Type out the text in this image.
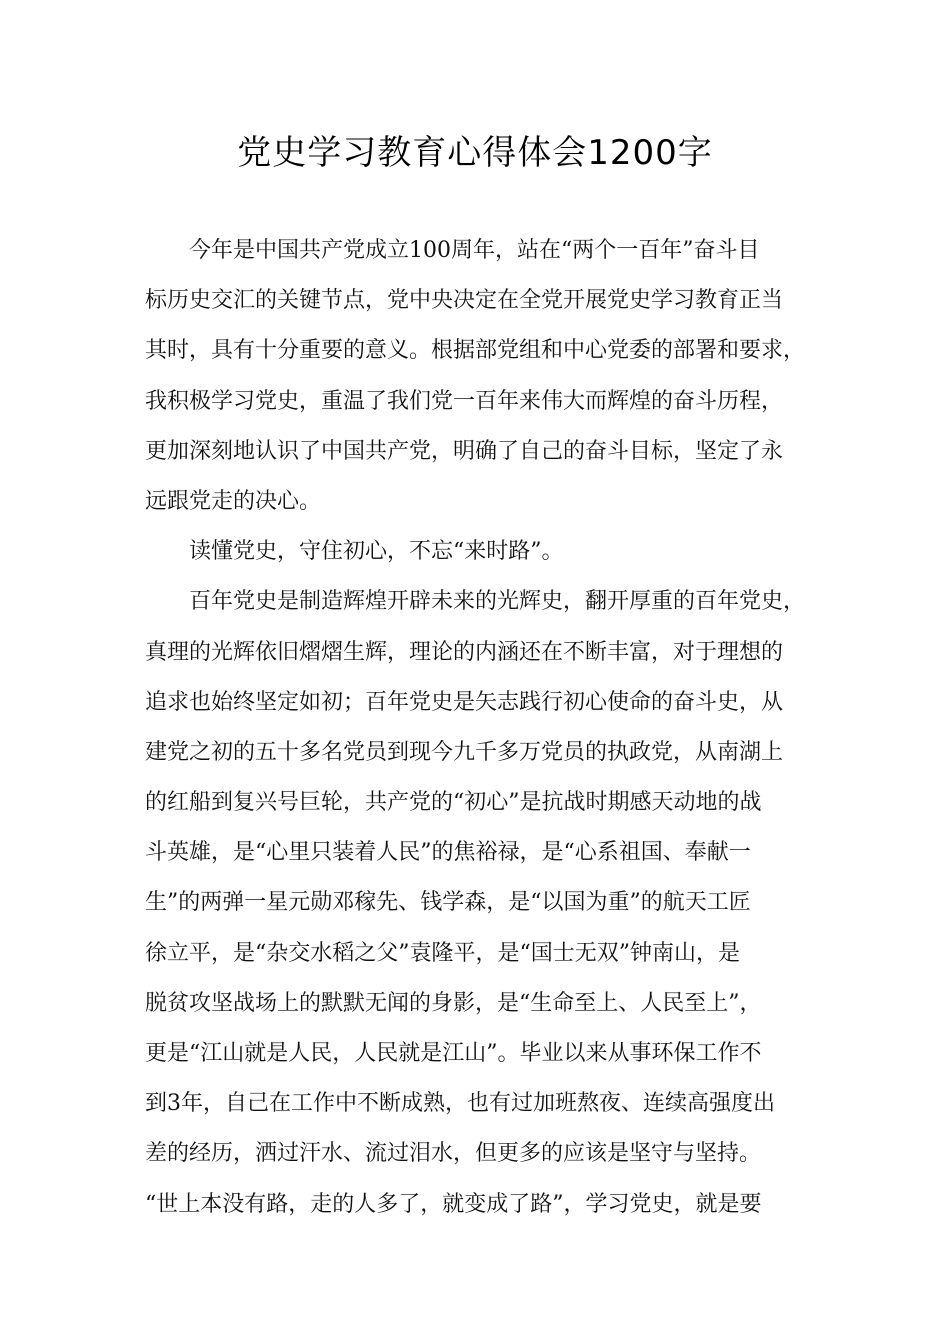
党史学习教育心得体会1200字

今年是中国共产党成立100周年，站在“两个一百年”奋斗目
标历史交汇的关键节点，党中央决定在全党开展党史学习教育正当
其时，具有十分重要的意义。根据部党组和中心党委的部署和要求，
我积极学习党史，重温了我们党一百年来伟大而辉煌的奋斗历程，
更加深刻地认识了中国共产党，明确了自己的奋斗目标，坚定了永
远跟党走的决心。

读懂党史，守住初心，不忘“来时路”。

百年党史是制造辉煌开辟未来的光辉史，翻开厚重的百年党史，
真理的光辉依旧熠熠生辉，理论的内涵还在不断丰富，对于理想的
追求也始终坚定如初；百年党史是矢志践行初心使命的奋斗史，从
建党之初的五十多名党员到现今九千多万党员的执政党，从南湖上
的红船到复兴号巨轮，共产党的“初心”是抗战时期感天动地的战
斗英雄，是“心里只装着人民”的焦裕禄，是“心系祖国、奉献一
生”的两弹一星元勋邓稼先、钱学森，是“以国为重”的航天工匠
徐立平，是“杂交水稻之父”袁隆平，是“国士无双”钟南山，是
脱贫攻坚战场上的默默无闻的身影，是“生命至上、人民至上”，
更是“江山就是人民，人民就是江山”。毕业以来从事环保工作不
到3年，自己在工作中不断成熟，也有过加班熬夜、连续高强度出
差的经历，洒过汗水、流过泪水，但更多的应该是坚守与坚持。
“世上本没有路，走的人多了，就变成了路”，学习党史，就是要
